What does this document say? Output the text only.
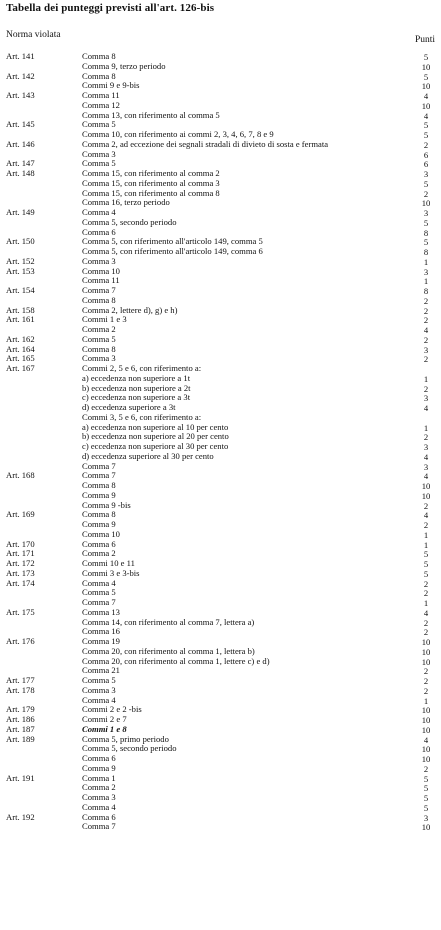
Tabella dei punteggi previsti all'art. 126-bis
Norma violata	Punti
Art. 141	Comma 8	5
Comma 9, terzo periodo	10
Art. 142	Comma 8	5
Commi 9 e 9-bis	10
Art. 143	Comma 11	4
Comma 12	10
Comma 13, con riferimento al comma 5	4
Art. 145	Comma 5	5
Comma 10, con riferimento ai commi 2, 3, 4, 6, 7, 8 e 9	5
Art. 146	Comma 2, ad eccezione dei segnali stradali di divieto di sosta e fermata	2
Comma 3	6
Art. 147	Comma 5	6
Art. 148	Comma 15, con riferimento al comma 2	3
Comma 15, con riferimento al comma 3	5
Comma 15, con riferimento al comma 8	2
Comma 16, terzo periodo	10
Art. 149	Comma 4	3
Comma 5, secondo periodo	5
Comma 6	8
Art. 150	Comma 5, con riferimento all'articolo 149, comma 5	5
Comma 5, con riferimento all'articolo 149, comma 6	8
Art. 152	Comma 3	1
Art. 153	Comma 10	3
Comma 11	1
Art. 154	Comma 7	8
Comma 8	2
Art. 158	Comma 2, lettere d), g) e h)	2
Art. 161	Commi 1 e 3	2
Comma 2	4
Art. 162	Comma 5	2
Art. 164	Comma 8	3
Art. 165	Comma 3	2
Art. 167	Commi 2, 5 e 6, con riferimento a:
a) eccedenza non superiore a 1t	1
b) eccedenza non superiore a 2t	2
c) eccedenza non superiore a 3t	3
d) eccedenza superiore a 3t	4
Commi 3, 5 e 6, con riferimento a:
a) eccedenza non superiore al 10 per cento	1
b) eccedenza non superiore al 20 per cento	2
c) eccedenza non superiore al 30 per cento	3
d) eccedenza superiore al 30 per cento	4
Comma 7	3
Art. 168	Comma 7	4
Comma 8	10
Comma 9	10
Comma 9 -bis	2
Art. 169	Comma 8	4
Comma 9	2
Comma 10	1
Art. 170	Comma 6	1
Art. 171	Comma 2	5
Art. 172	Commi 10 e 11	5
Art. 173	Commi 3 e 3-bis	5
Art. 174	Comma 4	2
Comma 5	2
Comma 7	1
Art. 175	Comma 13	4
Comma 14, con riferimento al comma 7, lettera a)	2
Comma 16	2
Art. 176	Comma 19	10
Comma 20, con riferimento al comma 1, lettera b)	10
Comma 20, con riferimento al comma 1, lettere c) e d)	10
Comma 21	2
Art. 177	Comma 5	2
Art. 178	Comma 3	2
Comma 4	1
Art. 179	Commi 2 e 2 -bis	10
Art. 186	Commi 2 e 7	10
Art. 187	Commi 1 e 8	10
Art. 189	Comma 5, primo periodo	4
Comma 5, secondo periodo	10
Comma 6	10
Comma 9	2
Art. 191	Comma 1	5
Comma 2	5
Comma 3	5
Comma 4	5
Art. 192	Comma 6	3
Comma 7	10
